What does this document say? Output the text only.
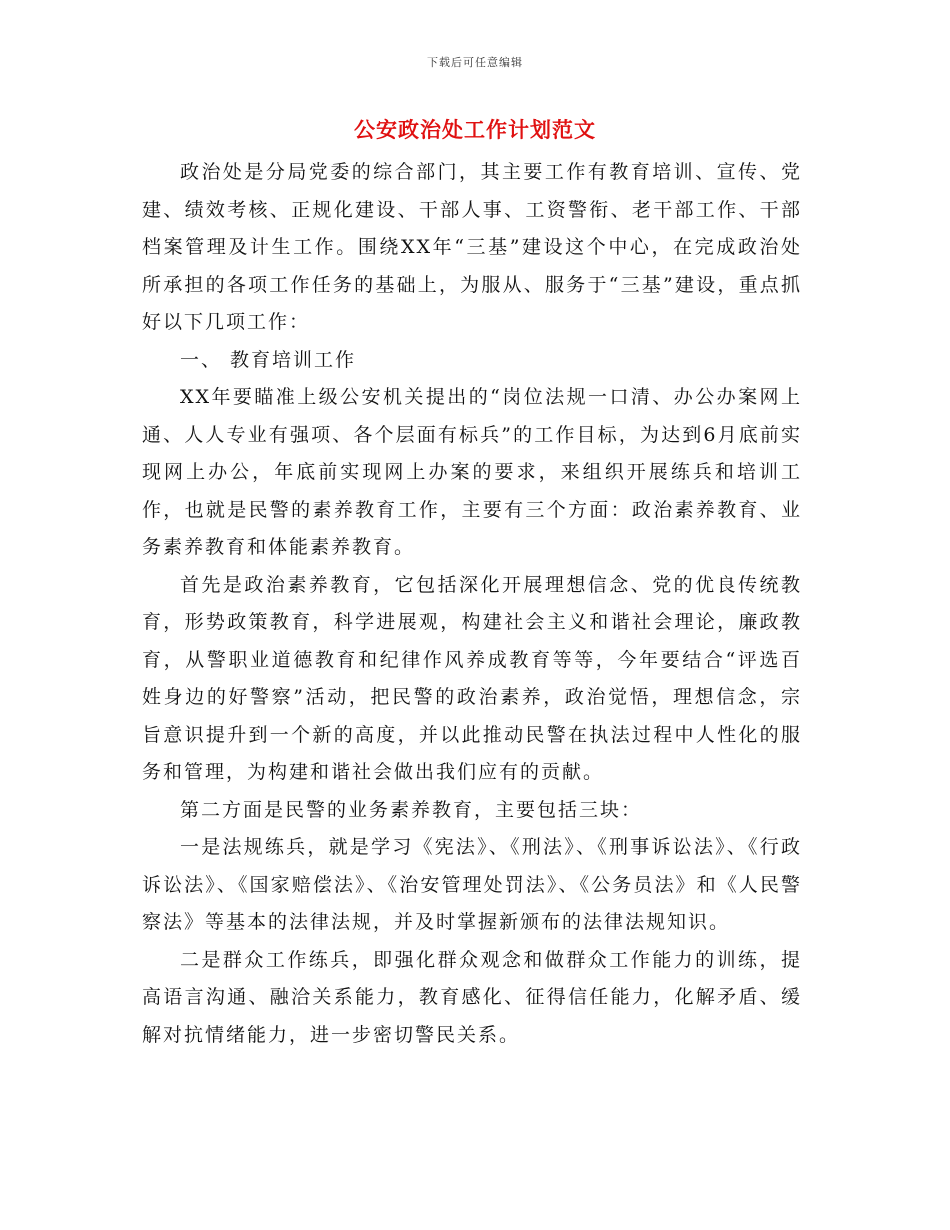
下载后可任意编辑
公安政治处工作计划范文

政治处是分局党委的综合部门，其主要工作有教育培训、宣传、党建、绩效考核、正规化建设、干部人事、工资警衔、老干部工作、干部档案管理及计生工作。围绕XX年“三基”建设这个中心，在完成政治处所承担的各项工作任务的基础上，为服从、服务于“三基”建设，重点抓好以下几项工作：

一、 教育培训工作

XX年要瞄准上级公安机关提出的“岗位法规一口清、办公办案网上通、人人专业有强项、各个层面有标兵”的工作目标，为达到6月底前实现网上办公，年底前实现网上办案的要求，来组织开展练兵和培训工作，也就是民警的素养教育工作，主要有三个方面：政治素养教育、业务素养教育和体能素养教育。

首先是政治素养教育，它包括深化开展理想信念、党的优良传统教育，形势政策教育，科学进展观，构建社会主义和谐社会理论，廉政教育，从警职业道德教育和纪律作风养成教育等等，今年要结合“评选百姓身边的好警察”活动，把民警的政治素养，政治觉悟，理想信念，宗旨意识提升到一个新的高度，并以此推动民警在执法过程中人性化的服务和管理，为构建和谐社会做出我们应有的贡献。

第二方面是民警的业务素养教育，主要包括三块：

一是法规练兵，就是学习《宪法》、《刑法》、《刑事诉讼法》、《行政诉讼法》、《国家赔偿法》、《治安管理处罚法》、《公务员法》和《人民警察法》等基本的法律法规，并及时掌握新颁布的法律法规知识。

二是群众工作练兵，即强化群众观念和做群众工作能力的训练，提高语言沟通、融洽关系能力，教育感化、征得信任能力，化解矛盾、缓解对抗情绪能力，进一步密切警民关系。
